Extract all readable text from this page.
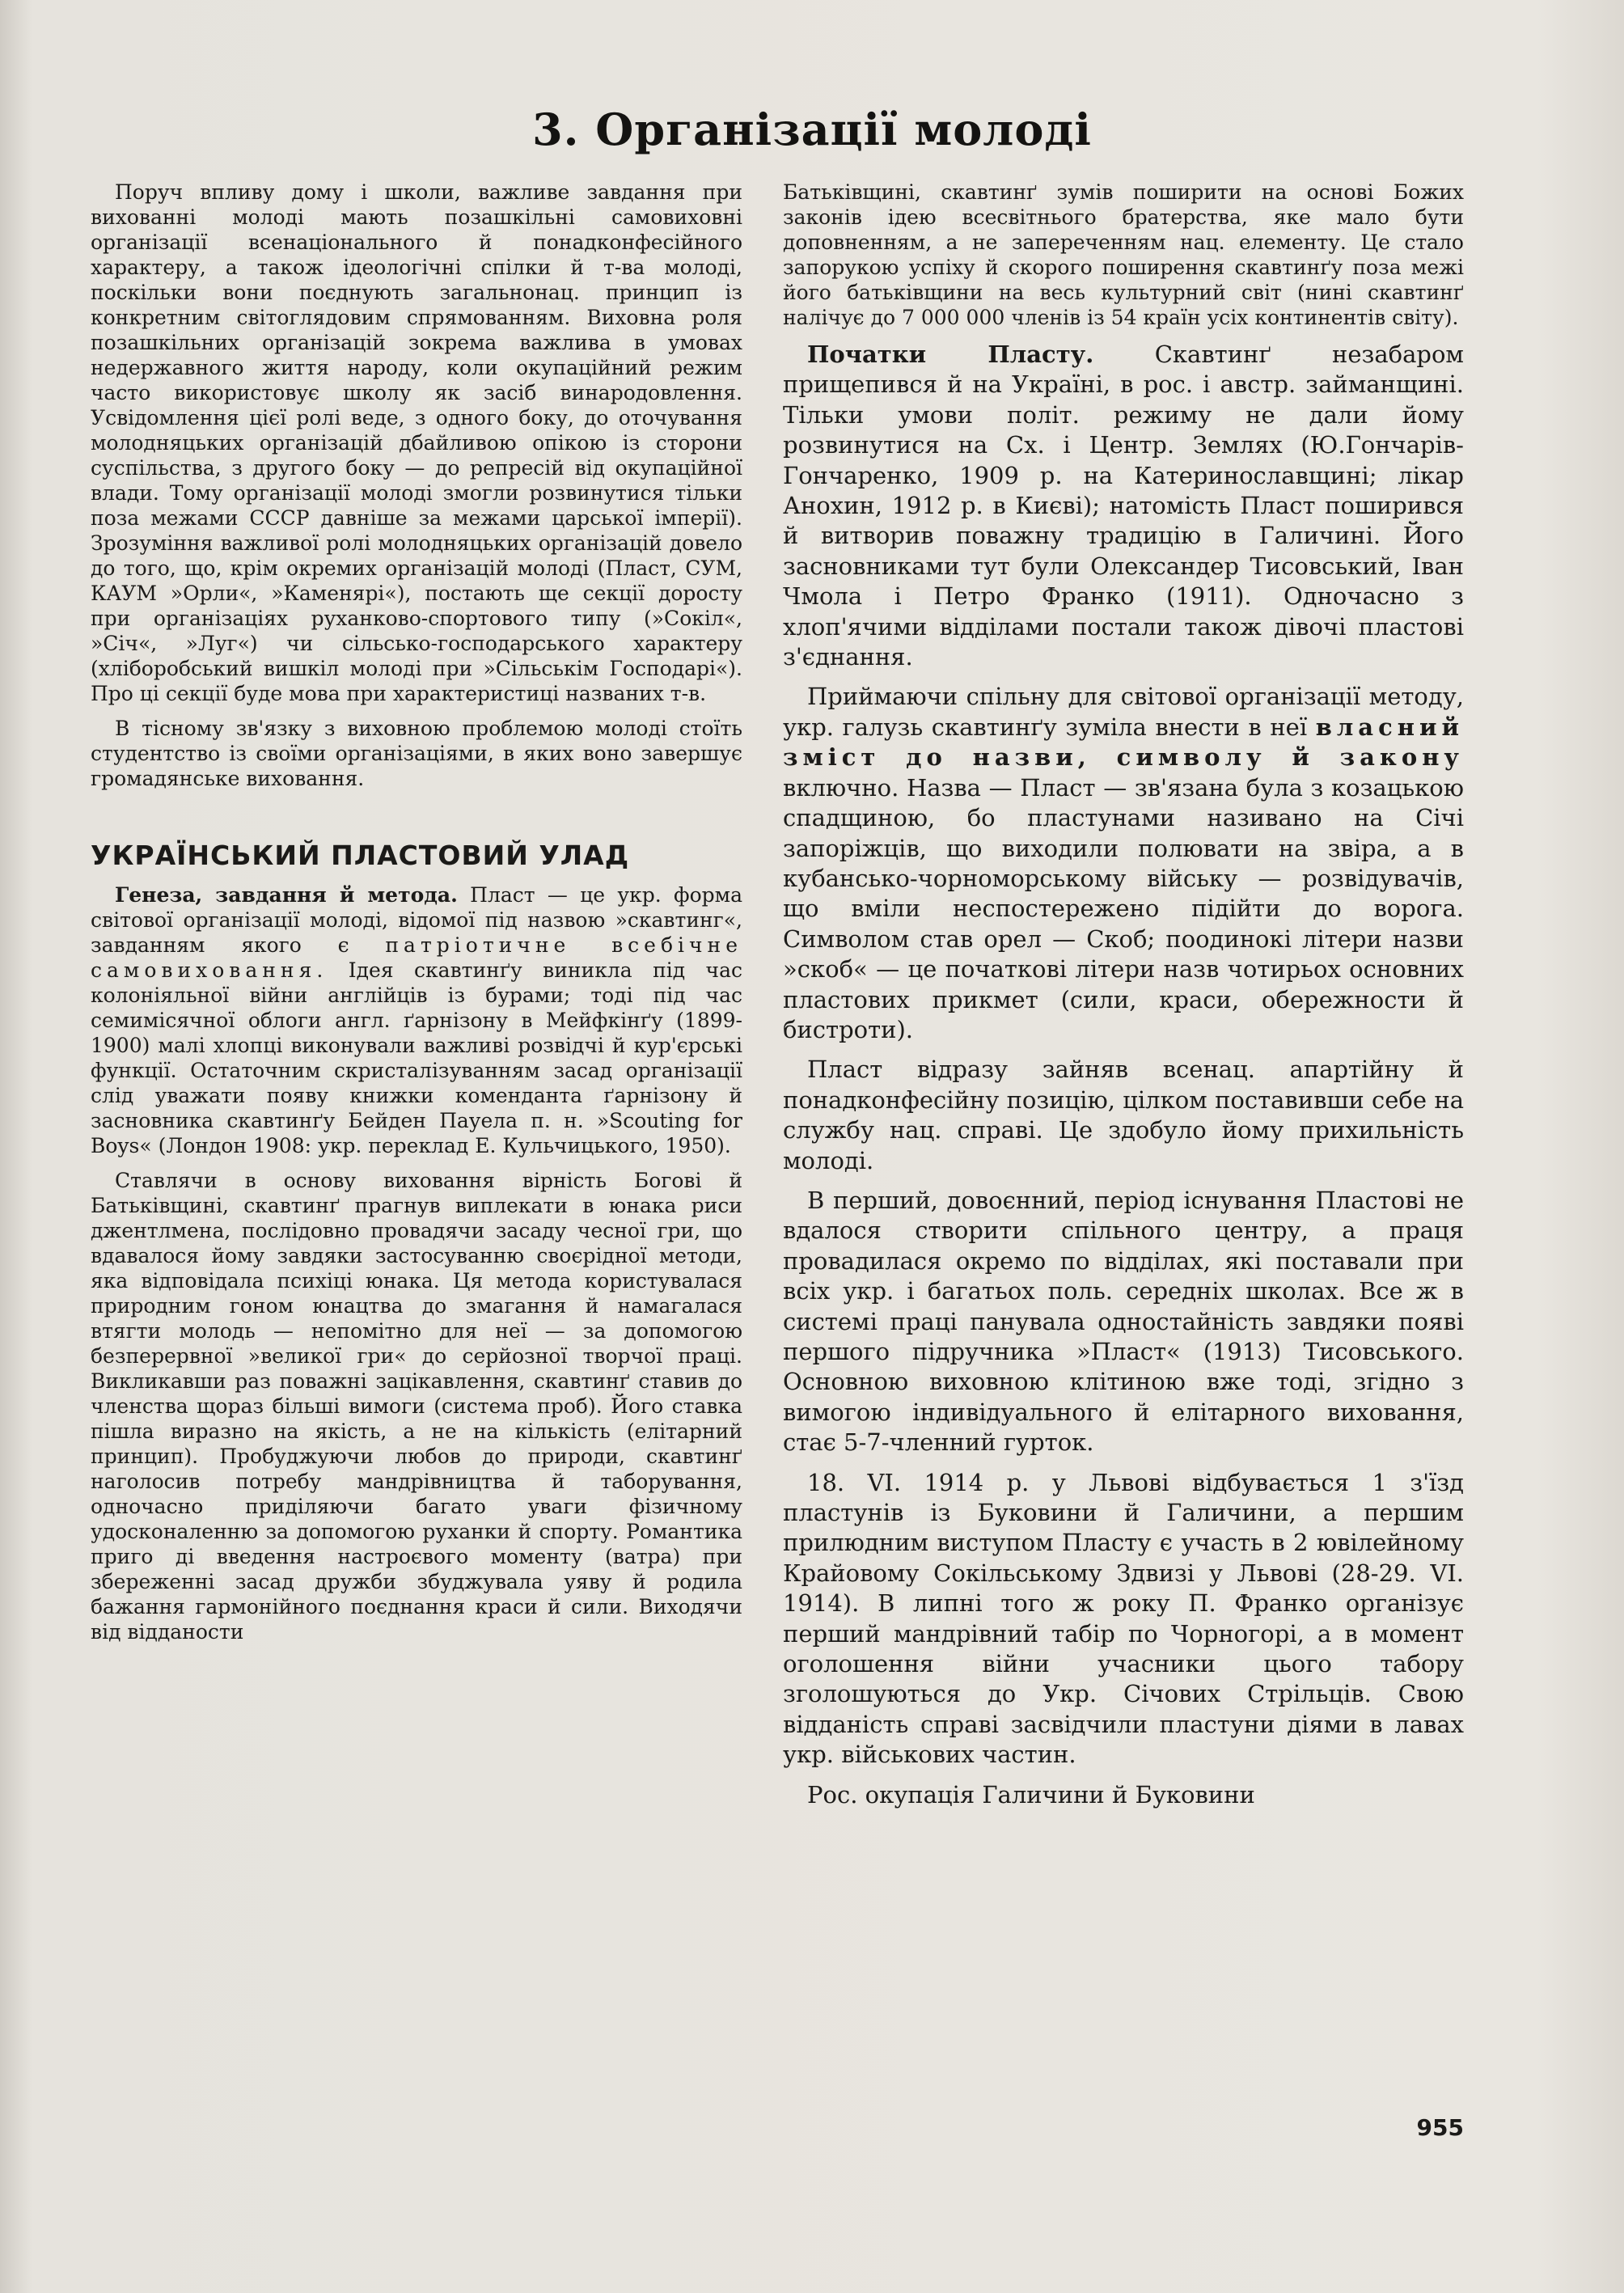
3. Організації молоді

Поруч впливу дому і школи, важливе завдання при вихованні молоді мають позашкільні самовиховні організації всенаціонального й понадконфесійного характеру, а також ідеологічні спілки й т-ва молоді, поскільки вони поєднують загальнонац. принцип із конкретним світоглядовим спрямованням. Виховна роля позашкільних організацій зокрема важлива в умовах недержавного життя народу, коли окупаційний режим часто використовує школу як засіб винародовлення. Усвідомлення цієї ролі веде, з одного боку, до оточування молодняцьких організацій дбайливою опікою із сторони суспільства, з другого боку — до репресій від окупаційної влади. Тому організації молоді змогли розвинутися тільки поза межами СССР давніше за межами царської імперії). Зрозуміння важливої ролі молодняцьких організацій довело до того, що, крім окремих організацій молоді (Пласт, СУМ, КАУМ »Орли«, »Каменярі«), постають ще секції доросту при організаціях руханково-спортового типу (»Сокіл«, »Січ«, »Луг«) чи сільсько-господарського характеру (хліборобський вишкіл молоді при »Сільськім Господарі«). Про ці секції буде мова при характеристиці названих т-в.

В тісному зв'язку з виховною проблемою молоді стоїть студентство із своїми організаціями, в яких воно завершує громадянське виховання.

УКРАЇНСЬКИЙ ПЛАСТОВИЙ УЛАД

Генеза, завдання й метода. Пласт — це укр. форма світової організації молоді, відомої під назвою »скавтинг«, завданням якого є патріотичне всебічне самовиховання. Ідея скавтинґу виникла під час колоніяльної війни англійців із бурами; тоді під час семимісячної облоги англ. ґарнізону в Мейфкінґу (1899-1900) малі хлопці виконували важливі розвідчі й кур'єрські функції. Остаточним скристалізуванням засад організації слід уважати появу книжки коменданта ґарнізону й засновника скавтинґу Бейден Пауела п. н. »Scouting for Boys« (Лондон 1908: укр. переклад Е. Кульчицького, 1950).

Ставлячи в основу виховання вірність Богові й Батьківщині, скавтинґ прагнув виплекати в юнака риси джентлмена, послідовно провадячи засаду чесної гри, що вдавалося йому завдяки застосуванню своєрідної методи, яка відповідала психіці юнака. Ця метода користувалася природним гоном юнацтва до змагання й намагалася втягти молодь — непомітно для неї — за допомогою безперервної »великої гри« до серйозної творчої праці. Викликавши раз поважні зацікавлення, скавтинґ ставив до членства щораз більші вимоги (система проб). Його ставка пішла виразно на якість, а не на кількість (елітарний принцип). Пробуджуючи любов до природи, скавтинґ наголосив потребу мандрівництва й таборування, одночасно приділяючи багато уваги фізичному удосконаленню за допомогою руханки й спорту. Романтика приго ді введення настроєвого моменту (ватра) при збереженні засад дружби збуджувала уяву й родила бажання гармонійного поєднання краси й сили. Виходячи від відданости

Батьківщині, скавтинґ зумів поширити на основі Божих законів ідею всесвітнього братерства, яке мало бути доповненням, а не запереченням нац. елементу. Це стало запорукою успіху й скорого поширення скавтинґу поза межі його батьківщини на весь культурний світ (нині скавтинґ налічує до 7 000 000 членів із 54 країн усіх континентів світу).

Початки Пласту. Скавтинґ незабаром прищепився й на Україні, в рос. і австр. займанщині. Тільки умови політ. режиму не дали йому розвинутися на Сх. і Центр. Землях (Ю.Гончарів-Гончаренко, 1909 р. на Катеринославщині; лікар Анохин, 1912 р. в Києві); натомість Пласт поширився й витворив поважну традицію в Галичині. Його засновниками тут були Олександер Тисовський, Іван Чмола і Петро Франко (1911). Одночасно з хлоп'ячими відділами постали також дівочі пластові з'єднання.

Приймаючи спільну для світової організації методу, укр. галузь скавтинґу зуміла внести в неї власний зміст до назви, символу й закону включно. Назва — Пласт — зв'язана була з козацькою спадщиною, бо пластунами називано на Січі запоріжців, що виходили полювати на звіра, а в кубансько-чорноморському війську — розвідувачів, що вміли неспостережено підійти до ворога. Символом став орел — Скоб; поодинокі літери назви »скоб« — це початкові літери назв чотирьох основних пластових прикмет (сили, краси, обережности й бистроти).

Пласт відразу зайняв всенац. апартійну й понадконфесійну позицію, цілком поставивши себе на службу нац. справі. Це здобуло йому прихильність молоді.

В перший, довоєнний, період існування Пластові не вдалося створити спільного центру, а праця провадилася окремо по відділах, які поставали при всіх укр. і багатьох поль. середніх школах. Все ж в системі праці панувала одностайність завдяки появі першого підручника »Пласт« (1913) Тисовського. Основною виховною клітиною вже тоді, згідно з вимогою індивідуального й елітарного виховання, стає 5-7-членний гурток.

18. VI. 1914 р. у Львові відбувається 1 з'їзд пластунів із Буковини й Галичини, а першим прилюдним виступом Пласту є участь в 2 ювілейному Крайовому Сокільському Здвизі у Львові (28-29. VI. 1914). В липні того ж року П. Франко організує перший мандрівний табір по Чорногорі, а в момент оголошення війни учасники цього табору зголошуються до Укр. Січових Стрільців. Свою відданість справі засвідчили пластуни діями в лавах укр. військових частин.

Рос. окупація Галичини й Буковини

955
